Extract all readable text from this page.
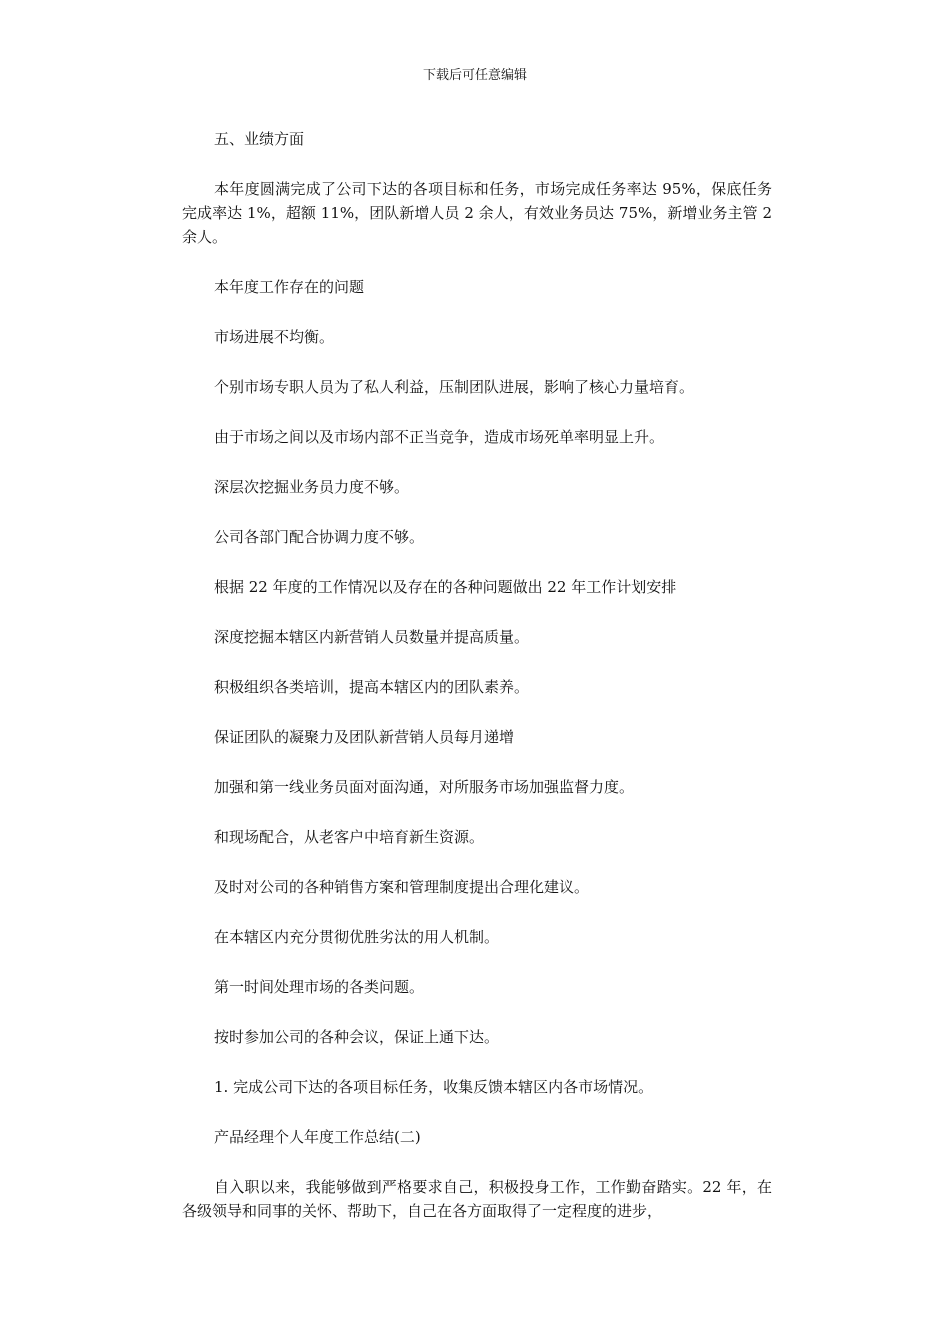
下载后可任意编辑

五、业绩方面

本年度圆满完成了公司下达的各项目标和任务，市场完成任务率达 95%，保底任务完成率达 1%，超额 11%，团队新增人员 2 余人，有效业务员达 75%，新增业务主管 2 余人。

本年度工作存在的问题

市场进展不均衡。

个别市场专职人员为了私人利益，压制团队进展，影响了核心力量培育。

由于市场之间以及市场内部不正当竞争，造成市场死单率明显上升。

深层次挖掘业务员力度不够。

公司各部门配合协调力度不够。

根据 22 年度的工作情况以及存在的各种问题做出 22 年工作计划安排

深度挖掘本辖区内新营销人员数量并提高质量。

积极组织各类培训，提高本辖区内的团队素养。

保证团队的凝聚力及团队新营销人员每月递增

加强和第一线业务员面对面沟通，对所服务市场加强监督力度。

和现场配合，从老客户中培育新生资源。

及时对公司的各种销售方案和管理制度提出合理化建议。

在本辖区内充分贯彻优胜劣汰的用人机制。

第一时间处理市场的各类问题。

按时参加公司的各种会议，保证上通下达。

1. 完成公司下达的各项目标任务，收集反馈本辖区内各市场情况。

产品经理个人年度工作总结(二)

自入职以来，我能够做到严格要求自己，积极投身工作，工作勤奋踏实。22 年，在各级领导和同事的关怀、帮助下，自己在各方面取得了一定程度的进步，
